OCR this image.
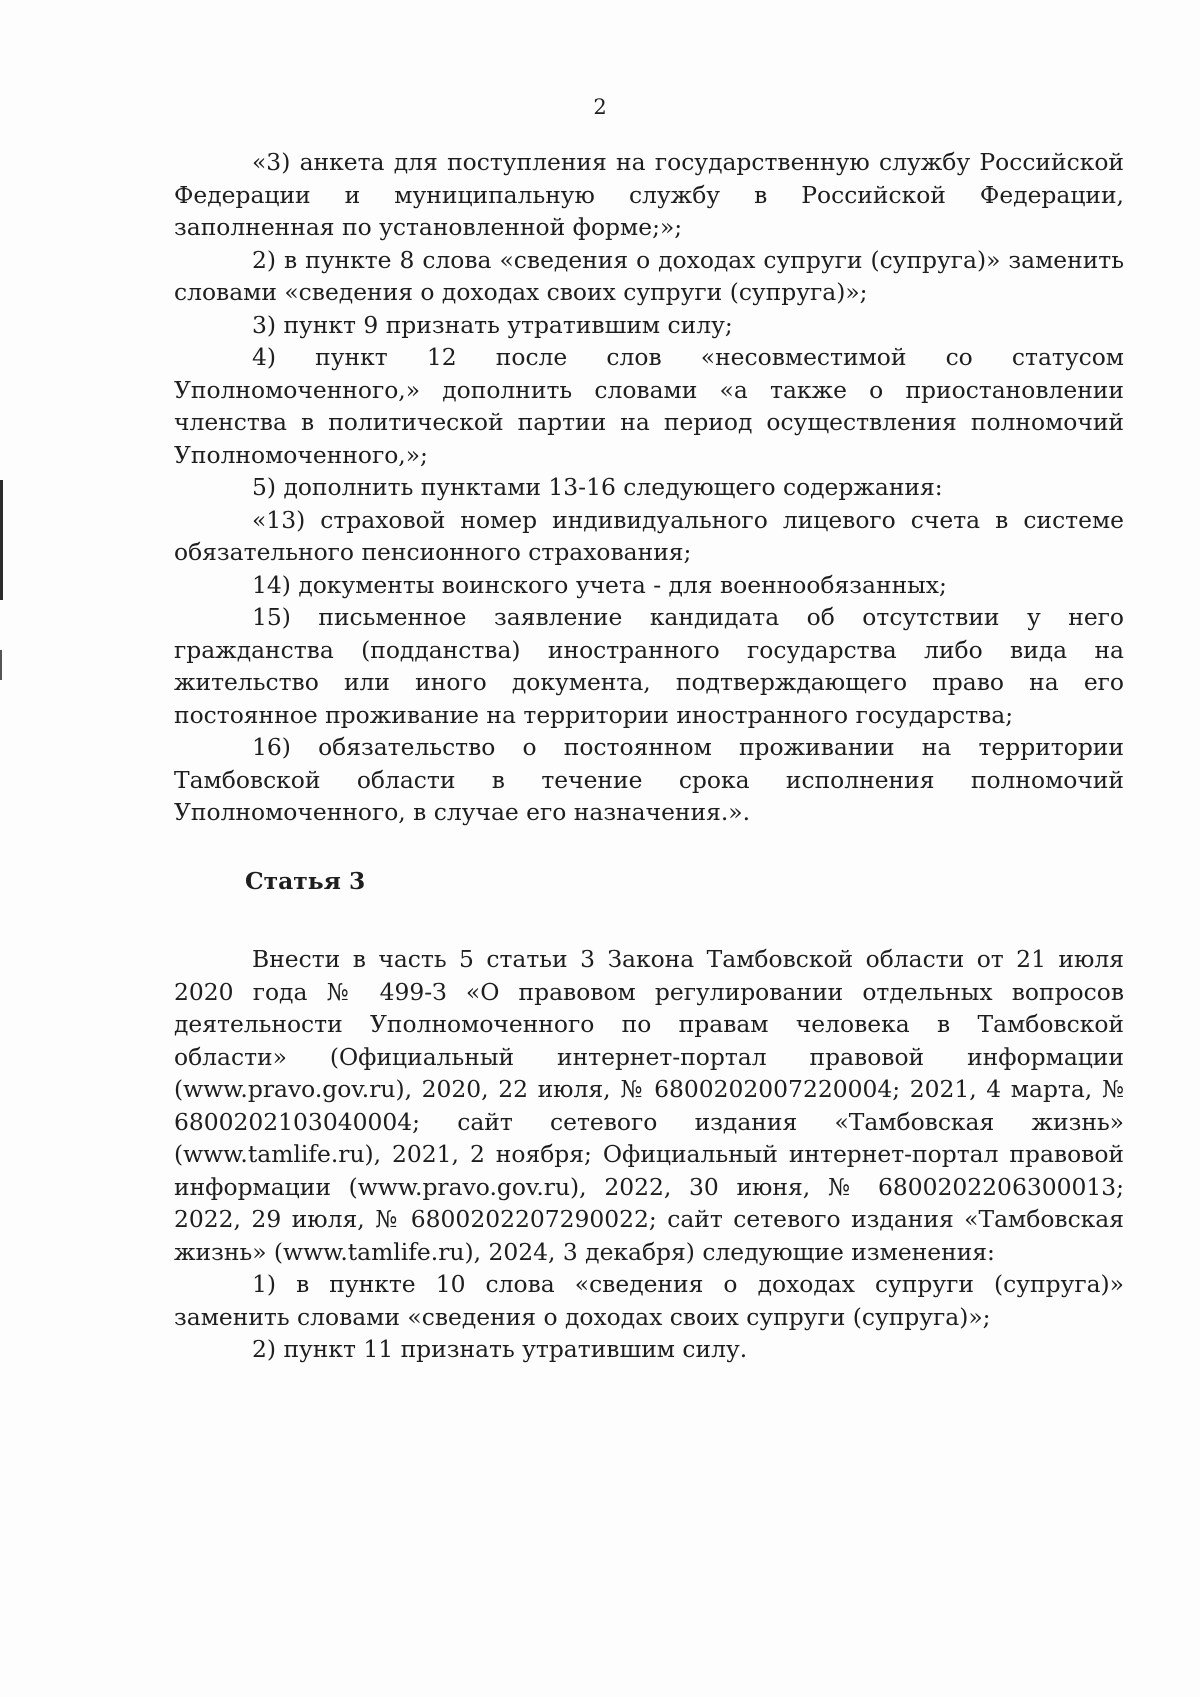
2

«3) анкета для поступления на государственную службу Российской Федерации и муниципальную службу в Российской Федерации, заполненная по установленной форме;»;

2) в пункте 8 слова «сведения о доходах супруги (супруга)» заменить словами «сведения о доходах своих супруги (супруга)»;

3) пункт 9 признать утратившим силу;

4) пункт 12 после слов «несовместимой со статусом Уполномоченного,» дополнить словами «а также о приостановлении членства в политической партии на период осуществления полномочий Уполномоченного,»;

5) дополнить пунктами 13-16 следующего содержания:

«13) страховой номер индивидуального лицевого счета в системе обязательного пенсионного страхования;

14) документы воинского учета - для военнообязанных;

15) письменное заявление кандидата об отсутствии у него гражданства (подданства) иностранного государства либо вида на жительство или иного документа, подтверждающего право на его постоянное проживание на территории иностранного государства;

16) обязательство о постоянном проживании на территории Тамбовской области в течение срока исполнения полномочий Уполномоченного, в случае его назначения.».

Статья 3

Внести в часть 5 статьи 3 Закона Тамбовской области от 21 июля 2020 года № 499-З «О правовом регулировании отдельных вопросов деятельности Уполномоченного по правам человека в Тамбовской области» (Официальный интернет-портал правовой информации (www.pravo.gov.ru), 2020, 22 июля, № 6800202007220004; 2021, 4 марта, № 6800202103040004; сайт сетевого издания «Тамбовская жизнь» (www.tamlife.ru), 2021, 2 ноября; Официальный интернет-портал правовой информации (www.pravo.gov.ru), 2022, 30 июня, № 6800202206300013; 2022, 29 июля, № 6800202207290022; сайт сетевого издания «Тамбовская жизнь» (www.tamlife.ru), 2024, 3 декабря) следующие изменения:

1) в пункте 10 слова «сведения о доходах супруги (супруга)» заменить словами «сведения о доходах своих супруги (супруга)»;

2) пункт 11 признать утратившим силу.
